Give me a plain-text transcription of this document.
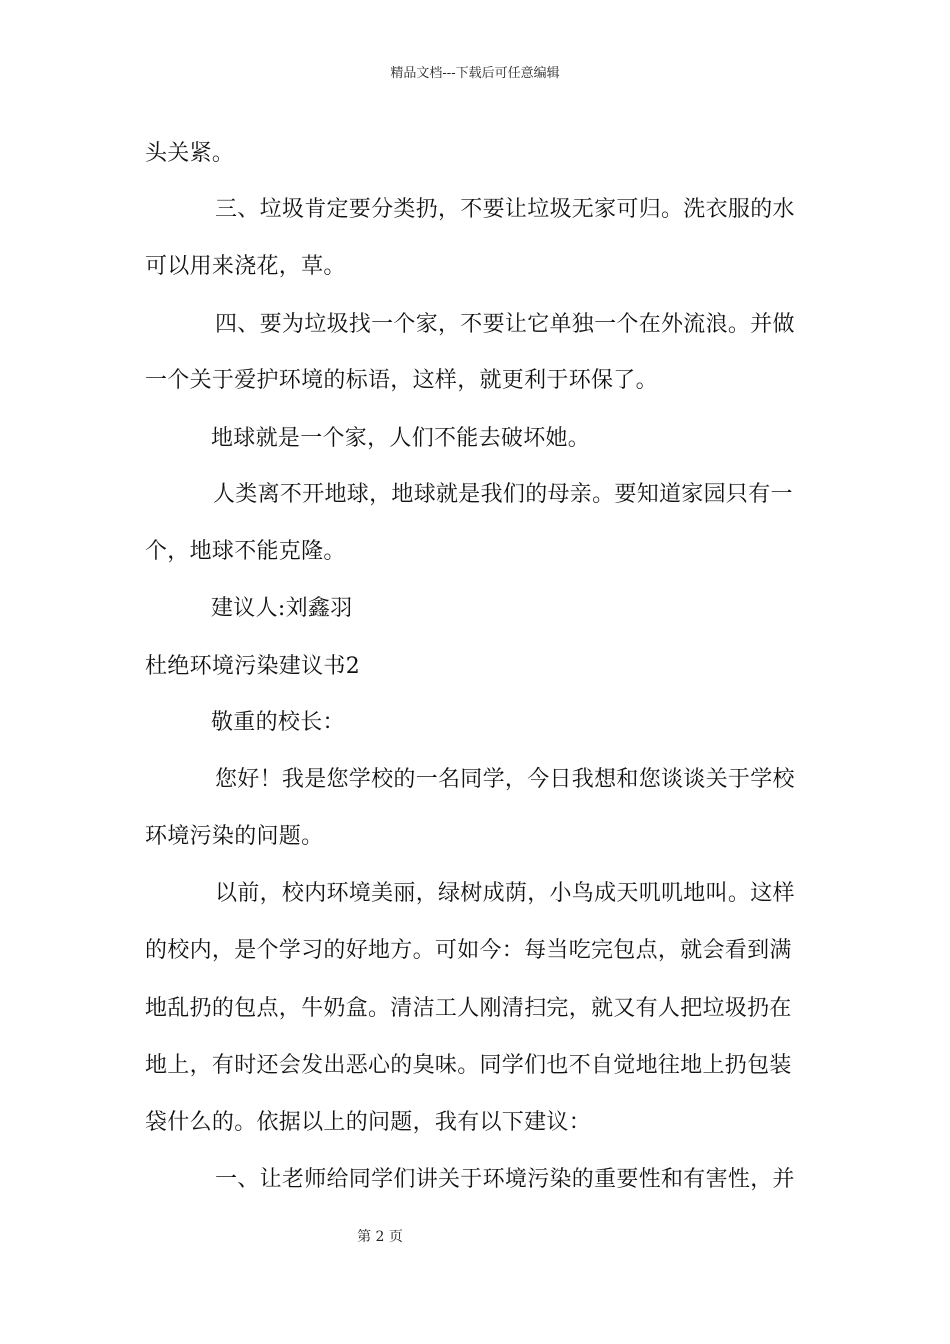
精品文档---下载后可任意编辑
头关紧。
三、垃圾肯定要分类扔，不要让垃圾无家可归。洗衣服的水
可以用来浇花，草。
四、要为垃圾找一个家，不要让它单独一个在外流浪。并做
一个关于爱护环境的标语，这样，就更利于环保了。
地球就是一个家，人们不能去破坏她。
人类离不开地球，地球就是我们的母亲。要知道家园只有一
个，地球不能克隆。
建议人:刘鑫羽
杜绝环境污染建议书2
敬重的校长：
您好！我是您学校的一名同学，今日我想和您谈谈关于学校
环境污染的问题。
以前，校内环境美丽，绿树成荫，小鸟成天叽叽地叫。这样
的校内，是个学习的好地方。可如今：每当吃完包点，就会看到满
地乱扔的包点，牛奶盒。清洁工人刚清扫完，就又有人把垃圾扔在
地上，有时还会发出恶心的臭味。同学们也不自觉地往地上扔包装
袋什么的。依据以上的问题，我有以下建议：
一、让老师给同学们讲关于环境污染的重要性和有害性，并
第 2 页
